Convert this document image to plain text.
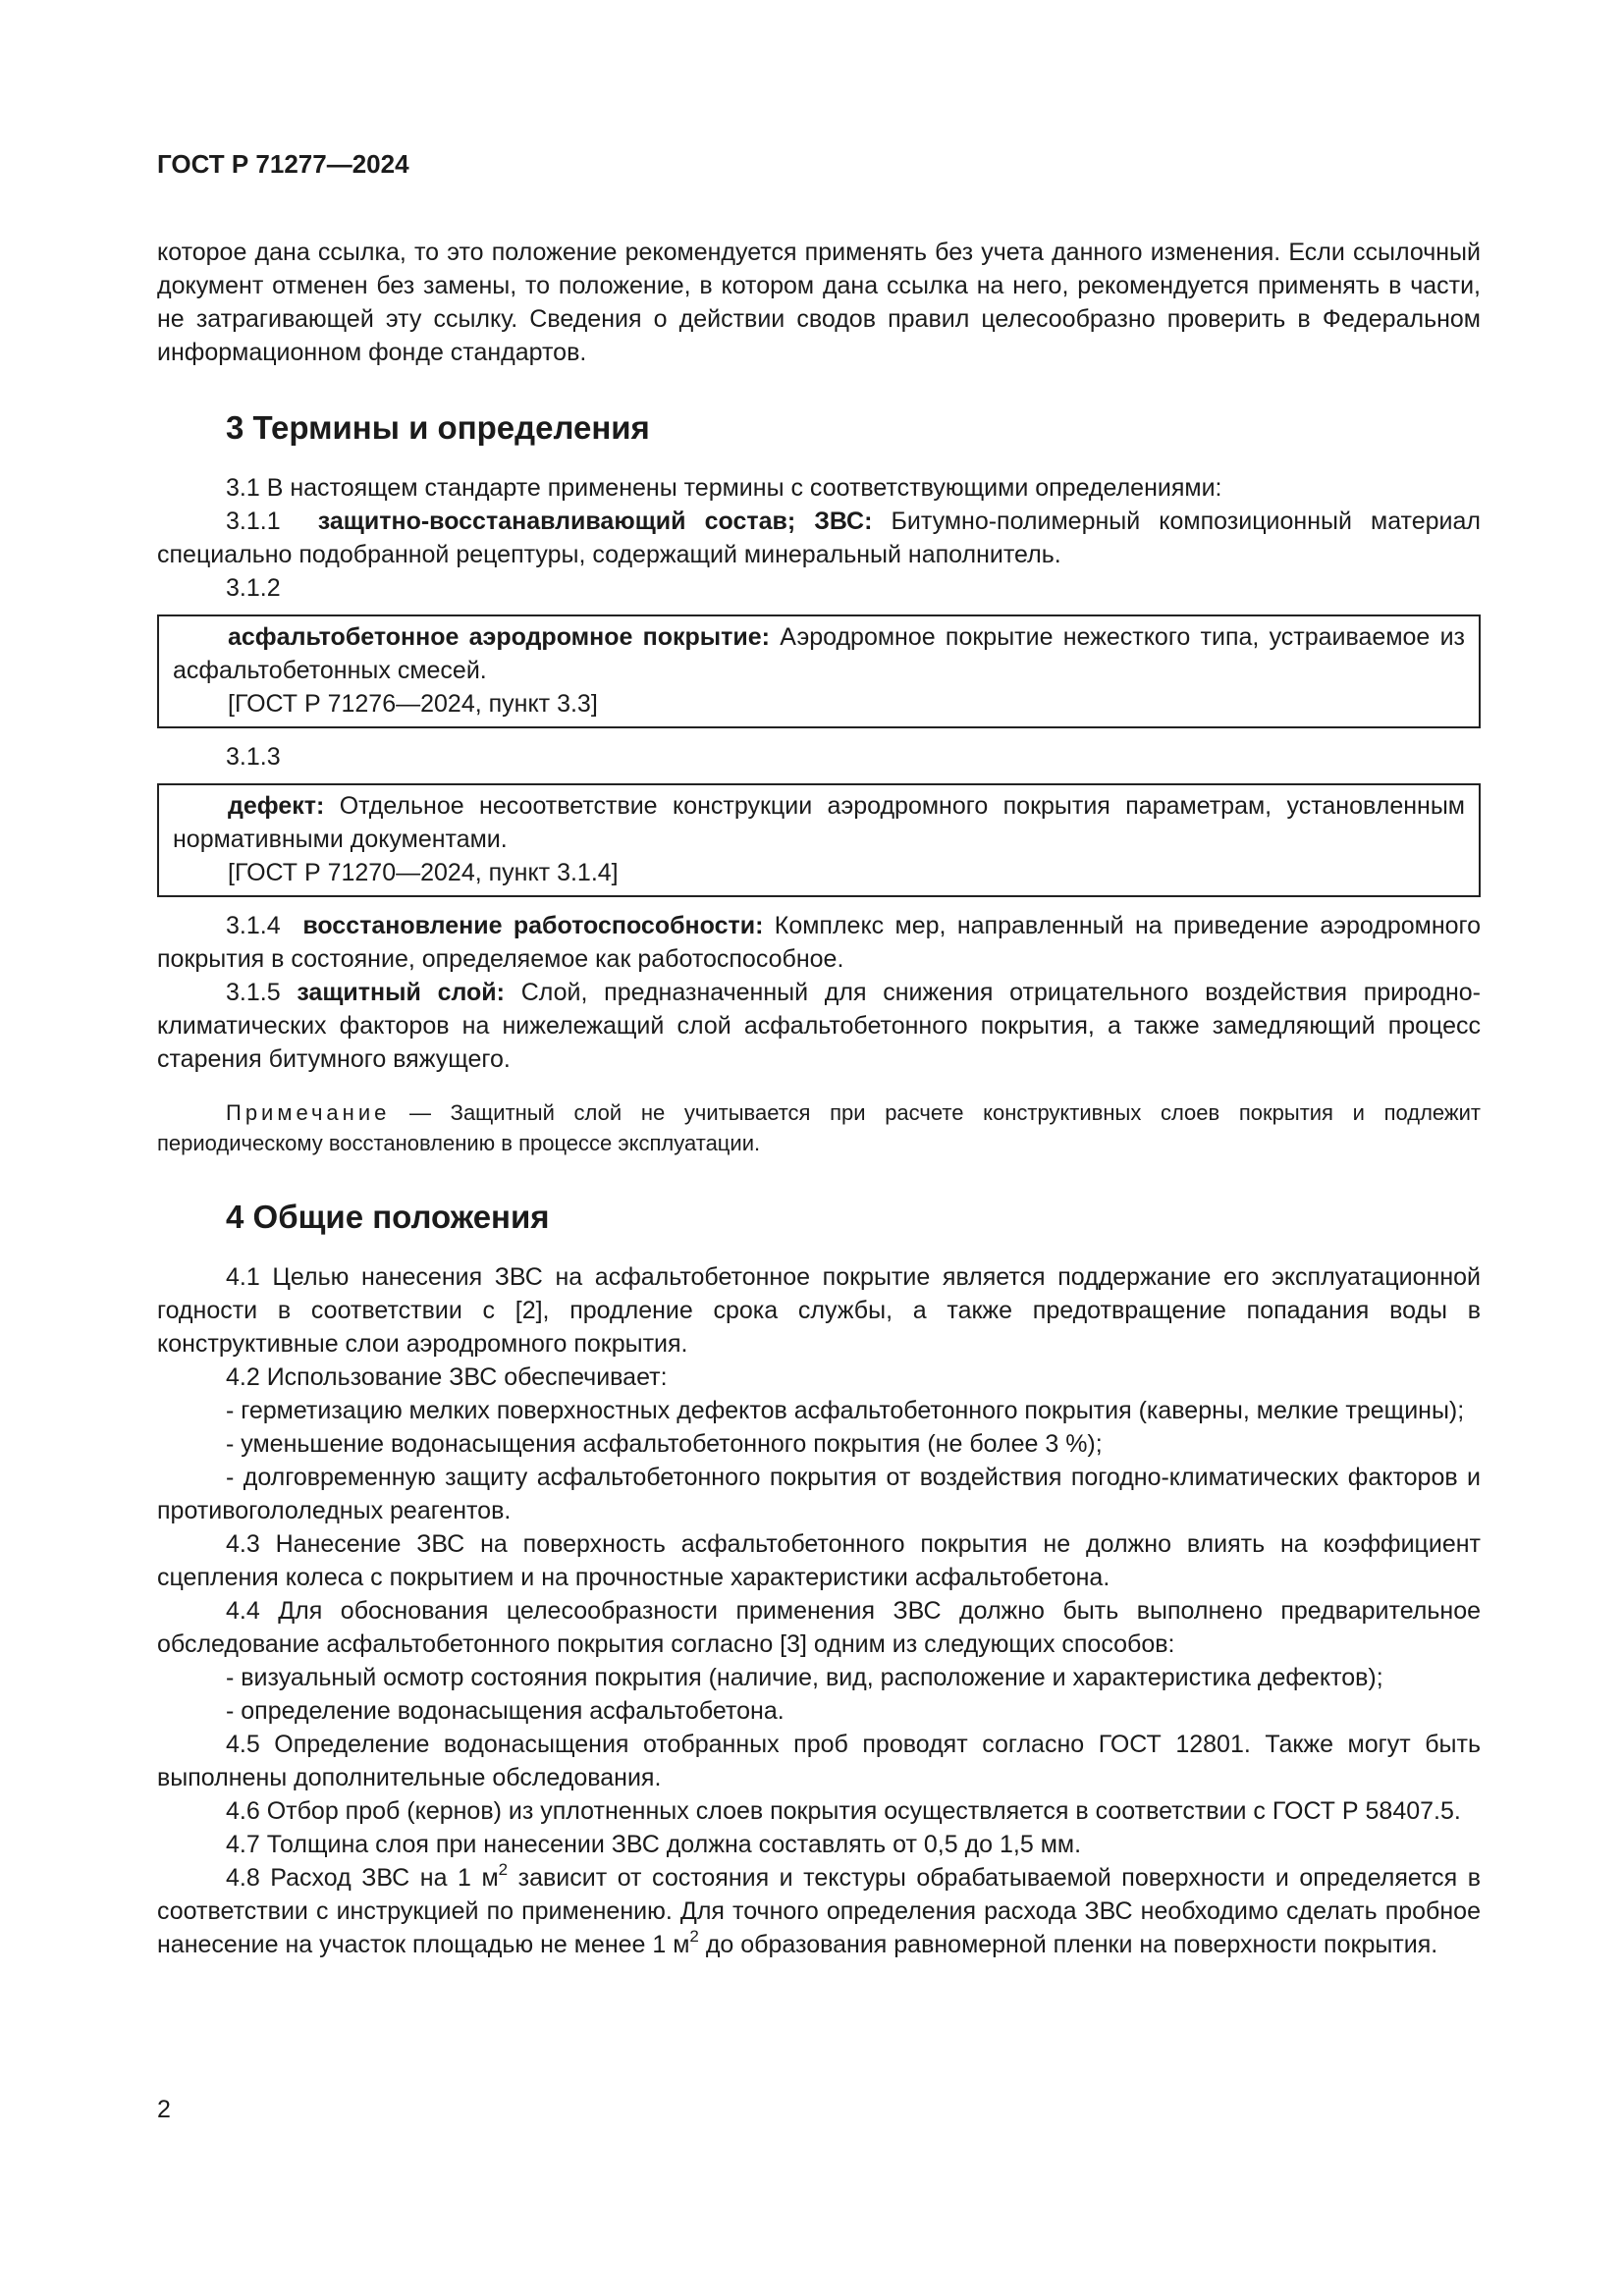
ГОСТ Р 71277—2024

которое дана ссылка, то это положение рекомендуется применять без учета данного изменения. Если ссылочный документ отменен без замены, то положение, в котором дана ссылка на него, рекомендуется применять в части, не затрагивающей эту ссылку. Сведения о действии сводов правил целесообразно проверить в Федеральном информационном фонде стандартов.

3 Термины и определения

3.1 В настоящем стандарте применены термины с соответствующими определениями:

3.1.1 защитно-восстанавливающий состав; ЗВС: Битумно-полимерный композиционный материал специально подобранной рецептуры, содержащий минеральный наполнитель.

3.1.2

асфальтобетонное аэродромное покрытие: Аэродромное покрытие нежесткого типа, устраиваемое из асфальтобетонных смесей.

[ГОСТ Р 71276—2024, пункт 3.3]

3.1.3

дефект: Отдельное несоответствие конструкции аэродромного покрытия параметрам, установленным нормативными документами.

[ГОСТ Р 71270—2024, пункт 3.1.4]

3.1.4 восстановление работоспособности: Комплекс мер, направленный на приведение аэродромного покрытия в состояние, определяемое как работоспособное.

3.1.5 защитный слой: Слой, предназначенный для снижения отрицательного воздействия природно-климатических факторов на нижележащий слой асфальтобетонного покрытия, а также замедляющий процесс старения битумного вяжущего.

Примечание — Защитный слой не учитывается при расчете конструктивных слоев покрытия и подлежит периодическому восстановлению в процессе эксплуатации.

4 Общие положения

4.1 Целью нанесения ЗВС на асфальтобетонное покрытие является поддержание его эксплуатационной годности в соответствии с [2], продление срока службы, а также предотвращение попадания воды в конструктивные слои аэродромного покрытия.

4.2 Использование ЗВС обеспечивает:

- герметизацию мелких поверхностных дефектов асфальтобетонного покрытия (каверны, мелкие трещины);

- уменьшение водонасыщения асфальтобетонного покрытия (не более 3 %);

- долговременную защиту асфальтобетонного покрытия от воздействия погодно-климатических факторов и противогололедных реагентов.

4.3 Нанесение ЗВС на поверхность асфальтобетонного покрытия не должно влиять на коэффициент сцепления колеса с покрытием и на прочностные характеристики асфальтобетона.

4.4 Для обоснования целесообразности применения ЗВС должно быть выполнено предварительное обследование асфальтобетонного покрытия согласно [3] одним из следующих способов:

- визуальный осмотр состояния покрытия (наличие, вид, расположение и характеристика дефектов);

- определение водонасыщения асфальтобетона.

4.5 Определение водонасыщения отобранных проб проводят согласно ГОСТ 12801. Также могут быть выполнены дополнительные обследования.

4.6 Отбор проб (кернов) из уплотненных слоев покрытия осуществляется в соответствии с ГОСТ Р 58407.5.

4.7 Толщина слоя при нанесении ЗВС должна составлять от 0,5 до 1,5 мм.

4.8 Расход ЗВС на 1 $м^2$ зависит от состояния и текстуры обрабатываемой поверхности и определяется в соответствии с инструкцией по применению. Для точного определения расхода ЗВС необходимо сделать пробное нанесение на участок площадью не менее 1 $м^2$ до образования равномерной пленки на поверхности покрытия.

2
